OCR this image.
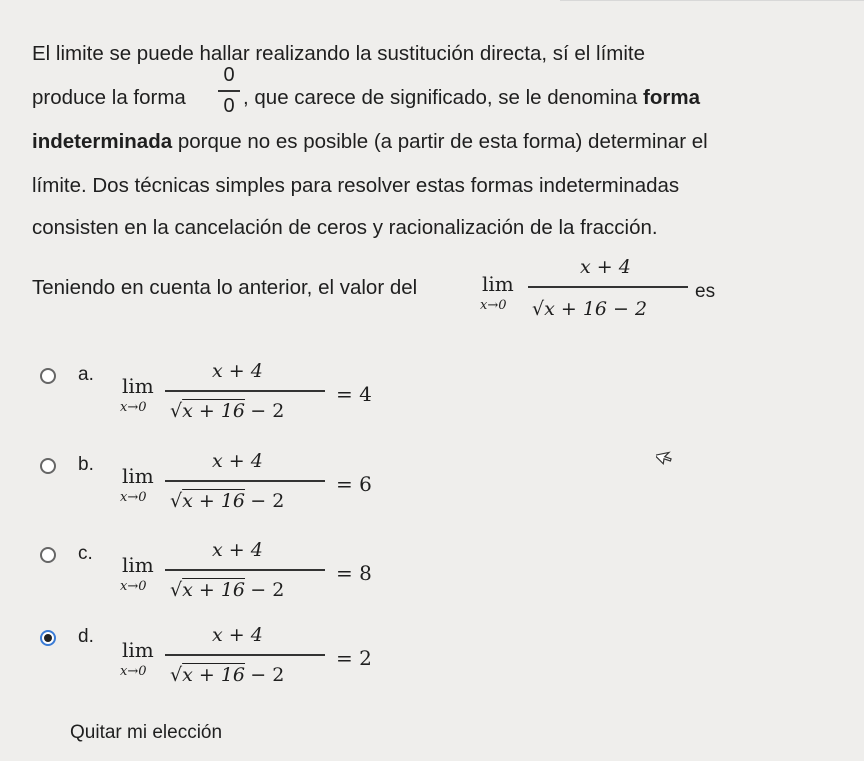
El limite se puede hallar realizando la sustitución directa, sí el límite
produce la forma
0
0 , que carece de significado, se le denomina forma
indeterminada porque no es posible (a partir de esta forma) determinar el
límite. Dos técnicas simples para resolver estas formas indeterminadas
consisten en la cancelación de ceros y racionalización de la fracción.
Teniendo en cuenta lo anterior, el valor del	lim
x→0
x + 4
√x + 16 − 2
es
a. lim
x→0
x + 4
√x + 16 − 2
= 4
b. lim
x→0
x + 4
√x + 16 − 2
= 6
c. lim
x→0
x + 4
√x + 16 − 2
= 8
d.
lim
x→0
x + 4
√x + 16 − 2
= 2
Quitar mi elección
